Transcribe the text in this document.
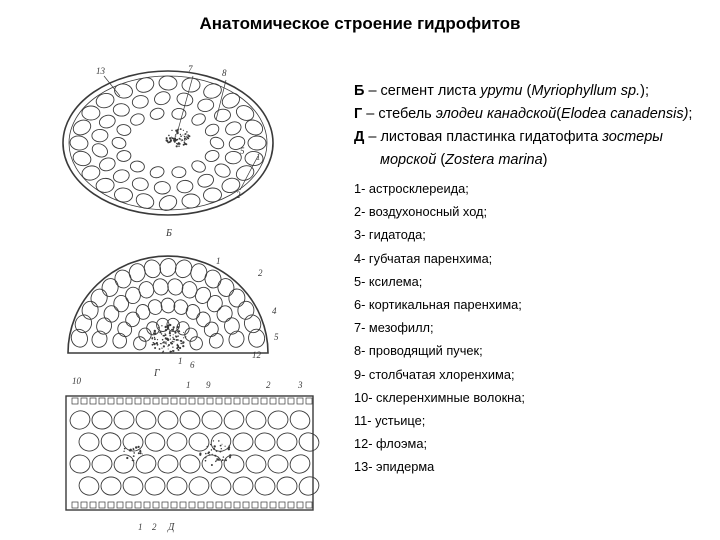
Анатомическое строение гидрофитов
Б
Г
Д
13	7	8
5
1
2
1
2
4
5
12
1 6
10	9
1	2	3
1 2
Б – сегмент листа урути (Myriophyllum sp.);
Г – стебель элодеи канадской(Elodea canadensis);
Д – листовая пластинка гидатофита зостеры морской (Zostera marina)
1- астросклереида;
2- воздухоносный ход;
3- гидатода;
4- губчатая паренхима;
5- ксилема;
6- кортикальная паренхима;
7- мезофилл;
8- проводящий пучек;
9- столбчатая хлоренхима;
10- склеренхимные волокна;
11- устьице;
12- флоэма;
13- эпидерма
